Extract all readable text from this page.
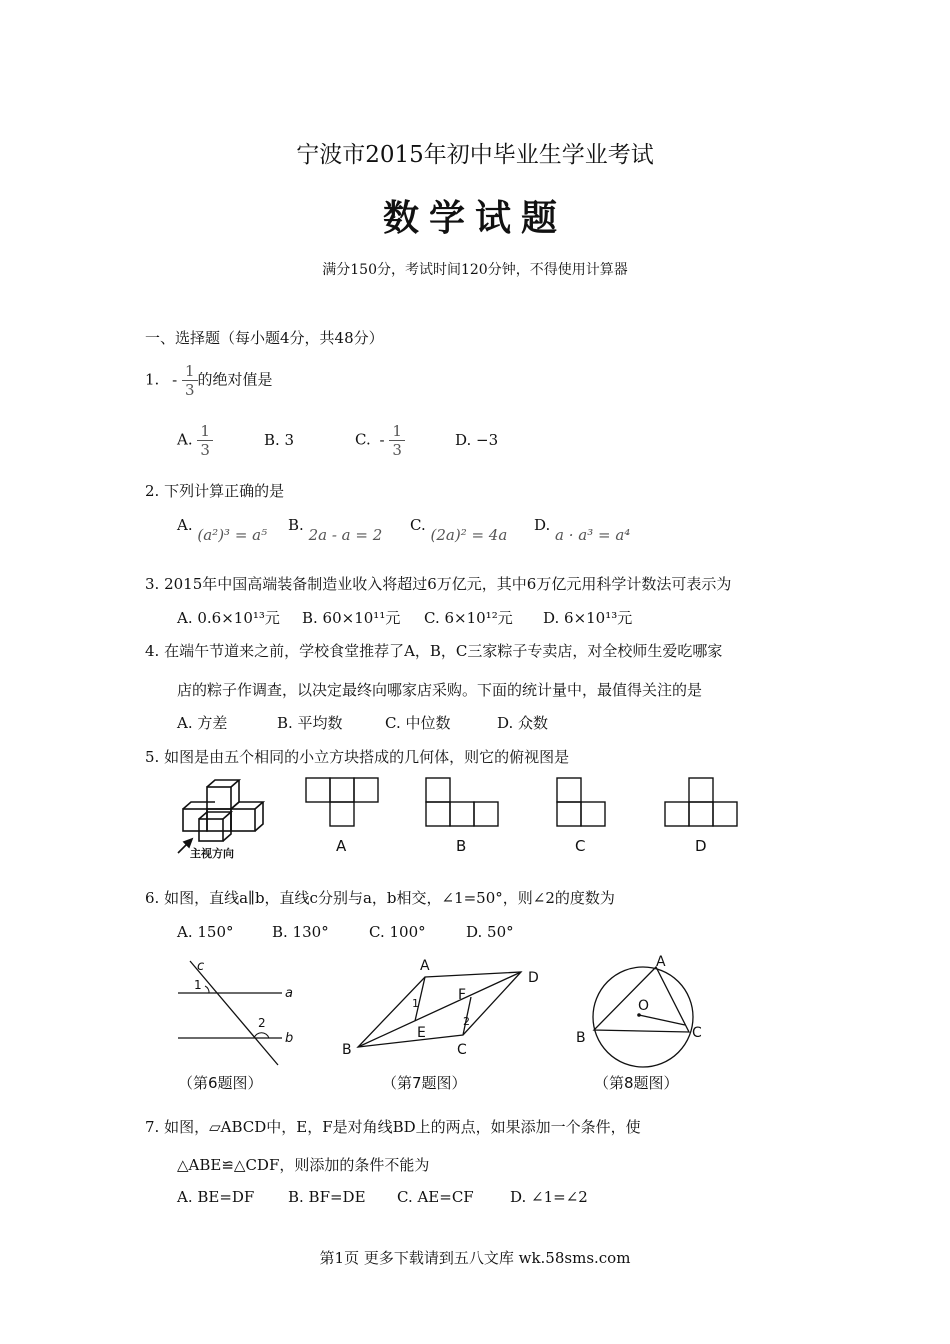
宁波市2015年初中毕业生学业考试
数学试题
满分150分，考试时间120分钟，不得使用计算器
一、选择题（每小题4分，共48分）
1. - $\frac{1}{3}$ 的绝对值是
A. $\frac{1}{3}$	B. 3	C. - $\frac{1}{3}$	D. −3
2. 下列计算正确的是
A. (a²)³ = a⁵
B. 2a - a = 2
C. (2a)² = 4a
D. a · a³ = a⁴
3. 2015年中国高端装备制造业收入将超过6万亿元，其中6万亿元用科学计数法可表示为
A. 0.6×10¹³元 B. 60×10¹¹元 C. 6×10¹²元 D. 6×10¹³元
4. 在端午节道来之前，学校食堂推荐了A，B，C三家粽子专卖店，对全校师生爱吃哪家
店的粽子作调查，以决定最终向哪家店采购。下面的统计量中，最值得关注的是
A. 方差	B. 平均数	C. 中位数	D. 众数
5. 如图是由五个相同的小立方块搭成的几何体，则它的俯视图是
主视方向	A	B	C	D
6. 如图，直线a∥b，直线c分别与a，b相交，∠1=50°，则∠2的度数为
A. 150°	B. 130°	C. 100°	D. 50°
c
a
b
1
2
（第6题图）
A
D
B	C
E
F
1
2
（第7题图）
A
B	C
O
（第8题图）
7. 如图，▱ABCD中，E，F是对角线BD上的两点，如果添加一个条件，使
△ABE≌△CDF，则添加的条件不能为
A. BE=DF B. BF=DE C. AE=CF D. ∠1=∠2
第1页 更多下载请到五八文库 wk.58sms.com
